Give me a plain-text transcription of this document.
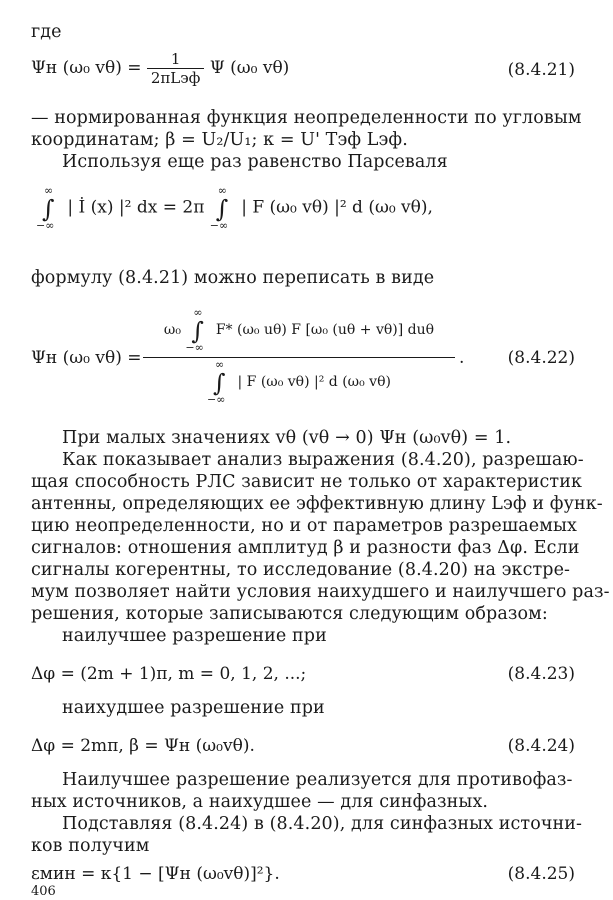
где
Ψн (ω₀ $v\theta) = \frac{1}{\text{2πLэф}}$ Ψ (ω₀ vθ)	(8.4.21)
— нормированная функция неопределенности по угловым
координатам; β = U₂/U₁; κ = U' Tэф Lэф.
Используя еще раз равенство Парсеваля
∞
∫
−∞
| İ (x) |² dx = 2π
∞
∫
−∞
| F (ω₀ vθ) |² d (ω₀ vθ),
формулу (8.4.21) можно переписать в виде
Ψн (ω₀ vθ) =
ω₀
∞
∫
−∞
F* (ω₀ uθ) F [ω₀ (uθ + vθ)] duθ
∞
∫
−∞
| F (ω₀ vθ) |² d (ω₀ vθ)
.	(8.4.22)
При малых значениях vθ (vθ → 0) Ψн (ω₀vθ) = 1.
Как показывает анализ выражения (8.4.20), разрешаю-
щая способность РЛС зависит не только от характеристик
антенны, определяющих ее эффективную длину Lэф и функ-
цию неопределенности, но и от параметров разрешаемых
сигналов: отношения амплитуд β и разности фаз Δφ. Если
сигналы когерентны, то исследование (8.4.20) на экстре-
мум позволяет найти условия наихудшего и наилучшего раз-
решения, которые записываются следующим образом:
наилучшее разрешение при
Δφ = (2m + 1)π, m = 0, 1, 2, ...;	(8.4.23)
наихудшее разрешение при
Δφ = 2mπ, β = Ψн (ω₀vθ).	(8.4.24)
Наилучшее разрешение реализуется для противофаз-
ных источников, а наихудшее — для синфазных.
Подставляя (8.4.24) в (8.4.20), для синфазных источни-
ков получим
εмин = κ{1 − [Ψн (ω₀vθ)]²}.	(8.4.25)
406
